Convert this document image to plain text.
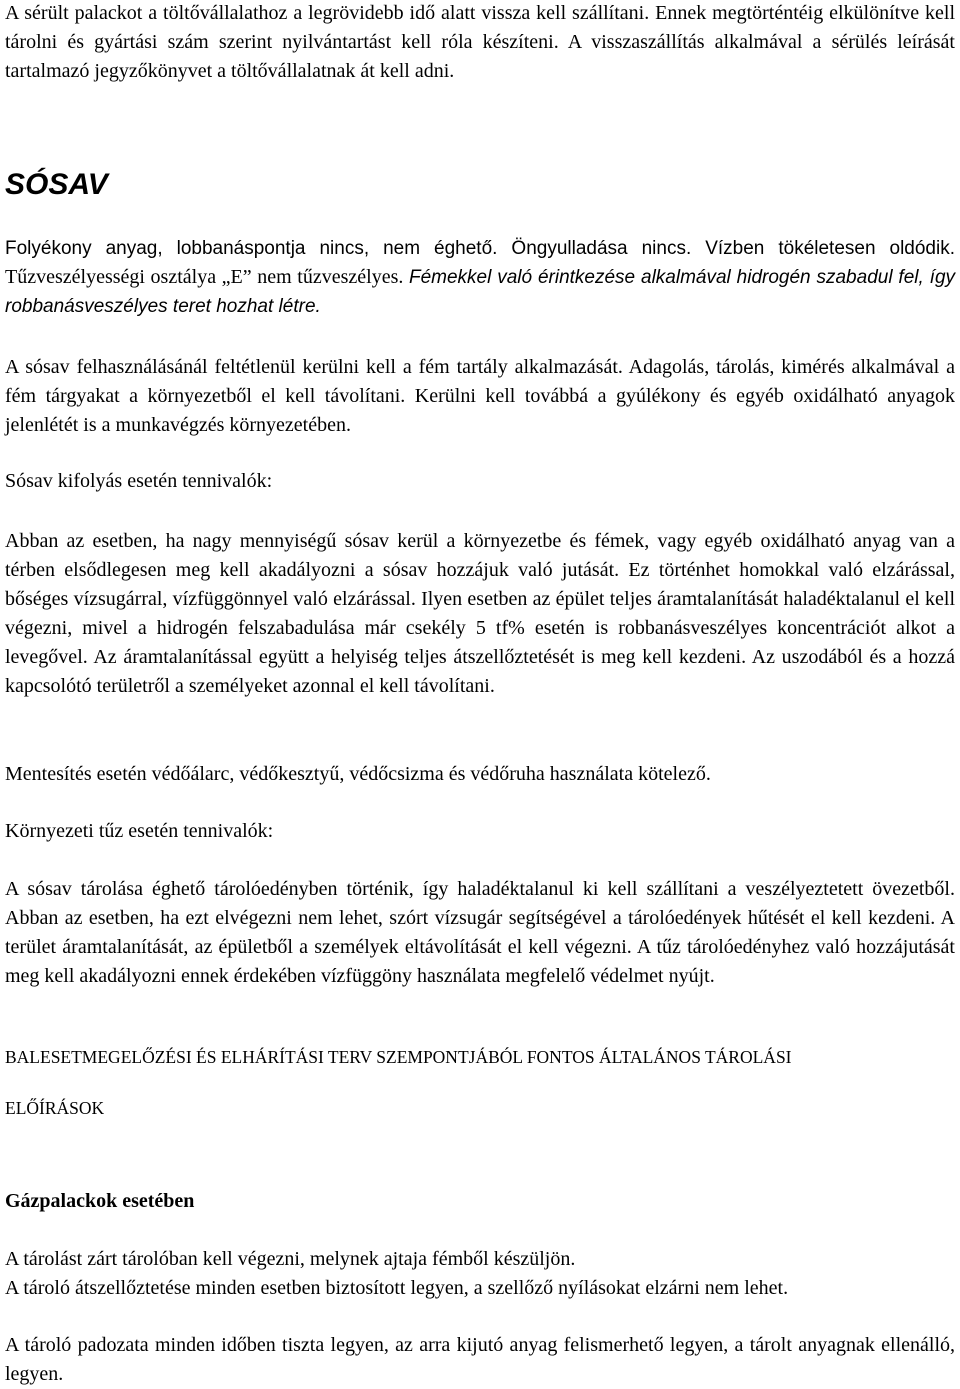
A sérült palackot a töltővállalathoz a legrövidebb idő alatt vissza kell szállítani. Ennek megtörténtéig elkülönítve kell tárolni és gyártási szám szerint nyilvántartást kell róla készíteni. A visszaszállítás alkalmával a sérülés leírását tartalmazó jegyzőkönyvet a töltővállalatnak át kell adni.

SÓSAV

Folyékony anyag, lobbanáspontja nincs, nem éghető. Öngyulladása nincs. Vízben tökéletesen oldódik. Tűzveszélyességi osztálya „E” nem tűzveszélyes. Fémekkel való érintkezése alkalmával hidrogén szabadul fel, így robbanásveszélyes teret hozhat létre.

A sósav felhasználásánál feltétlenül kerülni kell a fém tartály alkalmazását. Adagolás, tárolás, kimérés alkalmával a fém tárgyakat a környezetből el kell távolítani. Kerülni kell továbbá a gyúlékony és egyéb oxidálható anyagok jelenlétét is a munkavégzés környezetében.

Sósav kifolyás esetén tennivalók:

Abban az esetben, ha nagy mennyiségű sósav kerül a környezetbe és fémek, vagy egyéb oxidálható anyag van a térben elsődlegesen meg kell akadályozni a sósav hozzájuk való jutását. Ez történhet homokkal való elzárással, bőséges vízsugárral, vízfüggönnyel való elzárással. Ilyen esetben az épület teljes áramtalanítását haladéktalanul el kell végezni, mivel a hidrogén felszabadulása már csekély 5 tf% esetén is robbanásveszélyes koncentrációt alkot a levegővel. Az áramtalanítással együtt a helyiség teljes átszellőztetését is meg kell kezdeni. Az uszodából és a hozzá kapcsolótó területről a személyeket azonnal el kell távolítani.

Mentesítés esetén védőálarc, védőkesztyű, védőcsizma és védőruha használata kötelező.

Környezeti tűz esetén tennivalók:

A sósav tárolása éghető tárolóedényben történik, így haladéktalanul ki kell szállítani a veszélyeztetett övezetből. Abban az esetben, ha ezt elvégezni nem lehet, szórt vízsugár segítségével a tárolóedények hűtését el kell kezdeni. A terület áramtalanítását, az épületből a személyek eltávolítását el kell végezni. A tűz tárolóedényhez való hozzájutását meg kell akadályozni ennek érdekében vízfüggöny használata megfelelő védelmet nyújt.

BALESETMEGELŐZÉSI ÉS ELHÁRÍTÁSI TERV SZEMPONTJÁBÓL FONTOS ÁLTALÁNOS TÁROLÁSI
ELŐÍRÁSOK
Gázpalackok esetében

A tárolást zárt tárolóban kell végezni, melynek ajtaja fémből készüljön.

A tároló átszellőztetése minden esetben biztosított legyen, a szellőző nyílásokat elzárni nem lehet.

A tároló padozata minden időben tiszta legyen, az arra kijutó anyag felismerhető legyen, a tárolt anyagnak ellenálló, legyen.
